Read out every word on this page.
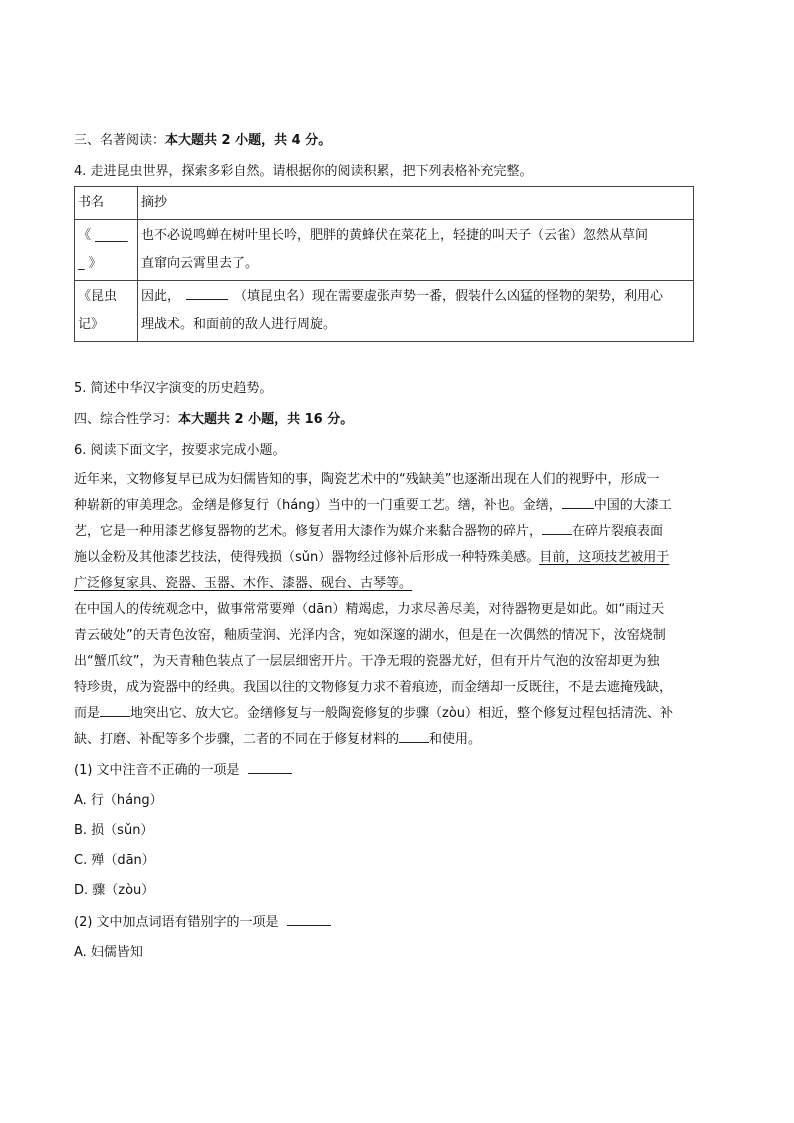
三、名著阅读：本大题共 2 小题，共 4 分。
4. 走进昆虫世界，探索多彩自然。请根据你的阅读积累，把下列表格补充完整。
书名	摘抄

《 _____
_ 》	也不必说鸣蝉在树叶里长吟，肥胖的黄蜂伏在菜花上，轻捷的叫天子（云雀）忽然从草间
直窜向云霄里去了。

《昆虫
记》	因此， （填昆虫名）现在需要虚张声势一番，假装什么凶猛的怪物的架势，利用心
理战术。和面前的敌人进行周旋。
5. 简述中华汉字演变的历史趋势。
四、综合性学习：本大题共 2 小题，共 16 分。
6. 阅读下面文字，按要求完成小题。
近年来，文物修复早已成为妇儒皆知的事，陶瓷艺术中的“残缺美”也逐渐出现在人们的视野中，形成一
种崭新的审美理念。金缮是修复行（háng）当中的一门重要工艺。缮，补也。金缮， 中国的大漆工
艺，它是一种用漆艺修复器物的艺术。修复者用大漆作为媒介来黏合器物的碎片， 在碎片裂痕表面
施以金粉及其他漆艺技法，使得残损（sǔn）器物经过修补后形成一种特殊美感。目前，这项技艺被用于
广泛修复家具、瓷器、玉器、木作、漆器、砚台、古琴等。
在中国人的传统观念中，做事常常要殚（dān）精竭虑，力求尽善尽美，对待器物更是如此。如“雨过天
青云破处”的天青色汝窑，釉质莹润、光泽内含，宛如深邃的湖水，但是在一次偶然的情况下，汝窑烧制
出“蟹爪纹”，为天青釉色装点了一层层细密开片。干净无瑕的瓷器尤好，但有开片气泡的汝窑却更为独
特珍贵，成为瓷器中的经典。我国以往的文物修复力求不着痕迹，而金缮却一反既往，不是去遮掩残缺，
而是 地突出它、放大它。金缮修复与一般陶瓷修复的步骤（zòu）相近，整个修复过程包括清洗、补
缺、打磨、补配等多个步骤，二者的不同在于修复材料的 和使用。
(1) 文中注音不正确的一项是
A. 行（háng）
B. 损（sǔn）
C. 殚（dān）
D. 骤（zòu）
(2) 文中加点词语有错别字的一项是
A. 妇儒皆知
